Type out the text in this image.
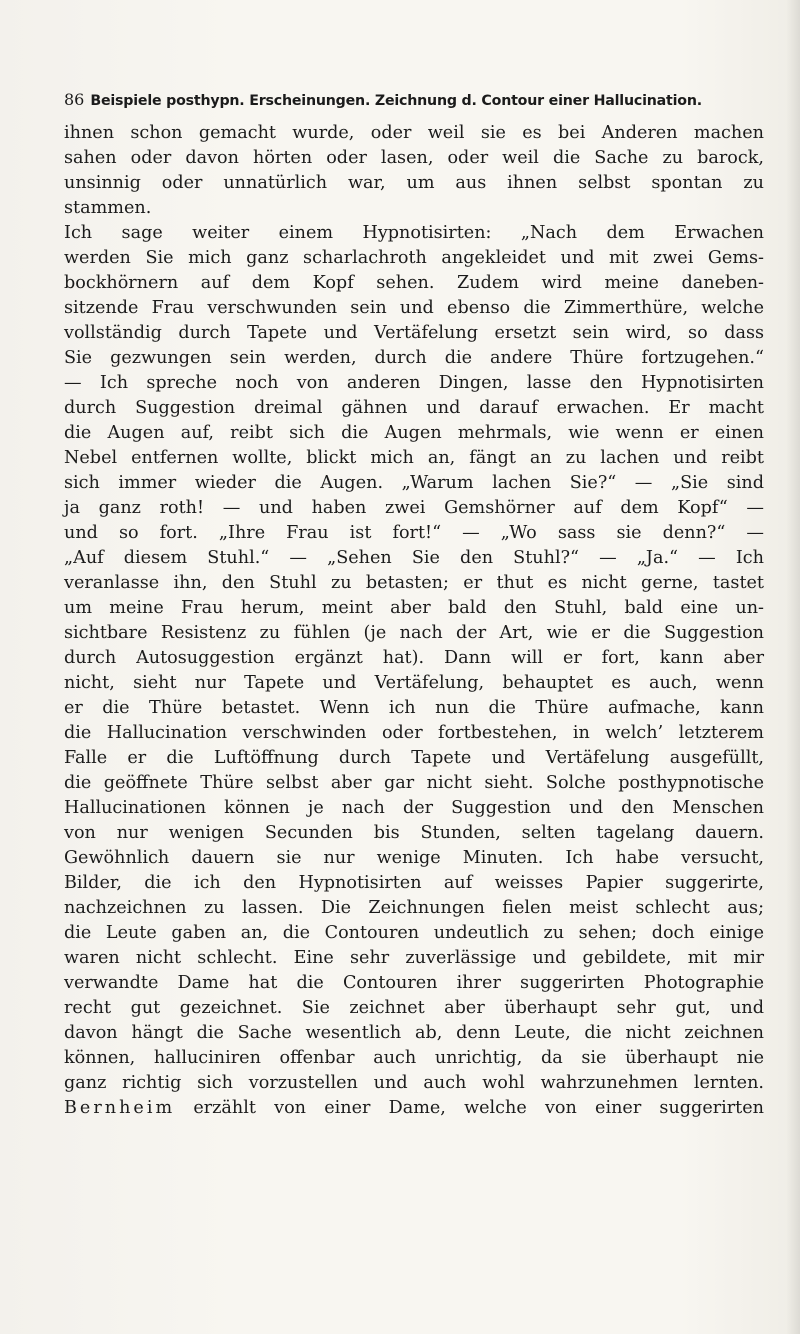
86 Beispiele posthypn. Erscheinungen. Zeichnung d. Contour einer Hallucination.
ihnen schon gemacht wurde, oder weil sie es bei Anderen machen
sahen oder davon hörten oder lasen, oder weil die Sache zu barock,
unsinnig oder unnatürlich war, um aus ihnen selbst spontan zu
stammen.
Ich sage weiter einem Hypnotisirten: „Nach dem Erwachen
werden Sie mich ganz scharlachroth angekleidet und mit zwei Gems-
bockhörnern auf dem Kopf sehen. Zudem wird meine daneben-
sitzende Frau verschwunden sein und ebenso die Zimmerthüre, welche
vollständig durch Tapete und Vertäfelung ersetzt sein wird, so dass
Sie gezwungen sein werden, durch die andere Thüre fortzugehen.“
— Ich spreche noch von anderen Dingen, lasse den Hypnotisirten
durch Suggestion dreimal gähnen und darauf erwachen. Er macht
die Augen auf, reibt sich die Augen mehrmals, wie wenn er einen
Nebel entfernen wollte, blickt mich an, fängt an zu lachen und reibt
sich immer wieder die Augen. „Warum lachen Sie?“ — „Sie sind
ja ganz roth! — und haben zwei Gemshörner auf dem Kopf“ —
und so fort. „Ihre Frau ist fort!“ — „Wo sass sie denn?“ —
„Auf diesem Stuhl.“ — „Sehen Sie den Stuhl?“ — „Ja.“ — Ich
veranlasse ihn, den Stuhl zu betasten; er thut es nicht gerne, tastet
um meine Frau herum, meint aber bald den Stuhl, bald eine un-
sichtbare Resistenz zu fühlen (je nach der Art, wie er die Suggestion
durch Autosuggestion ergänzt hat). Dann will er fort, kann aber
nicht, sieht nur Tapete und Vertäfelung, behauptet es auch, wenn
er die Thüre betastet. Wenn ich nun die Thüre aufmache, kann
die Hallucination verschwinden oder fortbestehen, in welch’ letzterem
Falle er die Luftöffnung durch Tapete und Vertäfelung ausgefüllt,
die geöffnete Thüre selbst aber gar nicht sieht. Solche posthypnotische
Hallucinationen können je nach der Suggestion und den Menschen
von nur wenigen Secunden bis Stunden, selten tagelang dauern.
Gewöhnlich dauern sie nur wenige Minuten. Ich habe versucht,
Bilder, die ich den Hypnotisirten auf weisses Papier suggerirte,
nachzeichnen zu lassen. Die Zeichnungen fielen meist schlecht aus;
die Leute gaben an, die Contouren undeutlich zu sehen; doch einige
waren nicht schlecht. Eine sehr zuverlässige und gebildete, mit mir
verwandte Dame hat die Contouren ihrer suggerirten Photographie
recht gut gezeichnet. Sie zeichnet aber überhaupt sehr gut, und
davon hängt die Sache wesentlich ab, denn Leute, die nicht zeichnen
können, halluciniren offenbar auch unrichtig, da sie überhaupt nie
ganz richtig sich vorzustellen und auch wohl wahrzunehmen lernten.
Bernheim erzählt von einer Dame, welche von einer suggerirten
